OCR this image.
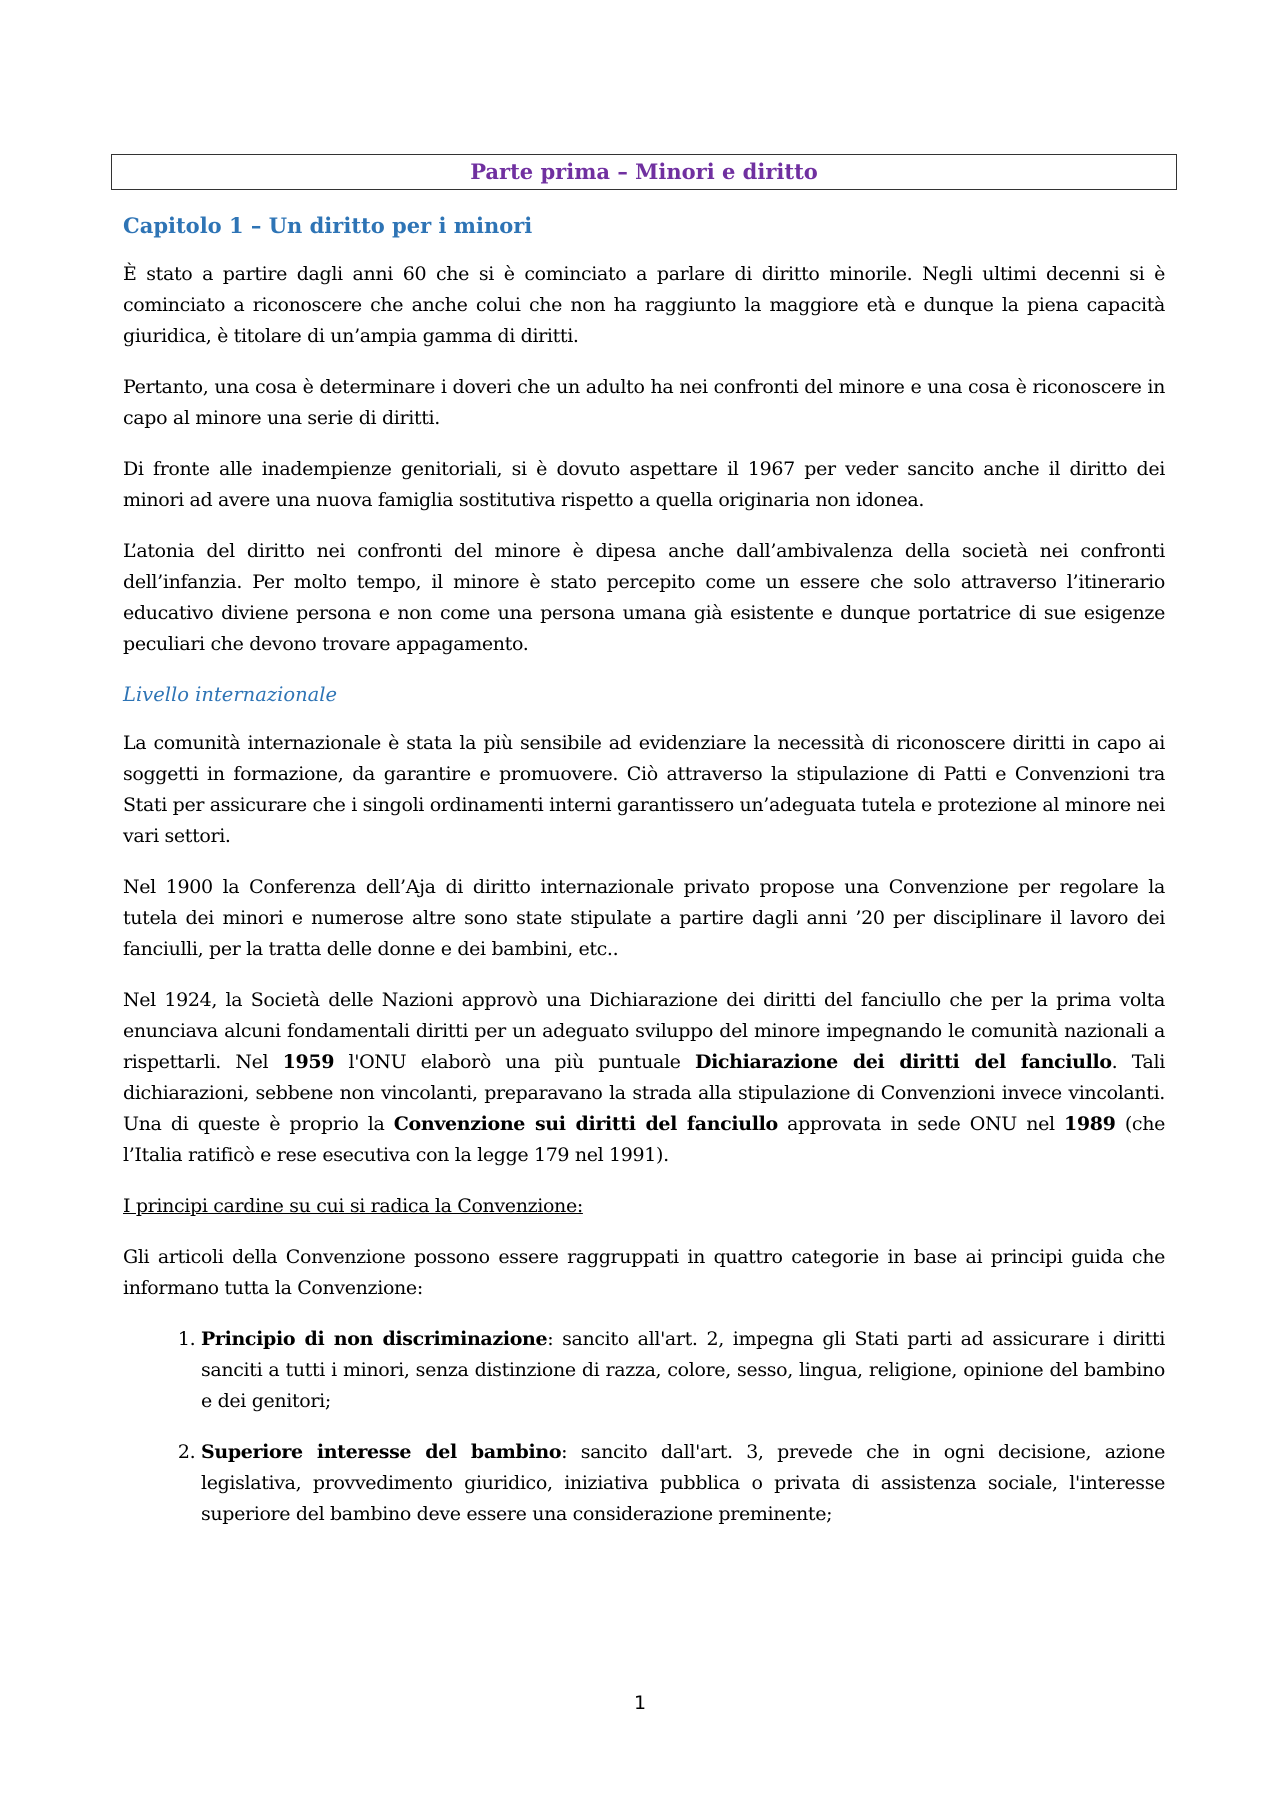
Parte prima – Minori e diritto
Capitolo 1 – Un diritto per i minori

È stato a partire dagli anni 60 che si è cominciato a parlare di diritto minorile. Negli ultimi decenni si è cominciato a riconoscere che anche colui che non ha raggiunto la maggiore età e dunque la piena capacità giuridica, è titolare di un’ampia gamma di diritti.

Pertanto, una cosa è determinare i doveri che un adulto ha nei confronti del minore e una cosa è riconoscere in capo al minore una serie di diritti.

Di fronte alle inadempienze genitoriali, si è dovuto aspettare il 1967 per veder sancito anche il diritto dei minori ad avere una nuova famiglia sostitutiva rispetto a quella originaria non idonea.

L’atonia del diritto nei confronti del minore è dipesa anche dall’ambivalenza della società nei confronti dell’infanzia. Per molto tempo, il minore è stato percepito come un essere che solo attraverso l’itinerario educativo diviene persona e non come una persona umana già esistente e dunque portatrice di sue esigenze peculiari che devono trovare appagamento.

Livello internazionale

La comunità internazionale è stata la più sensibile ad evidenziare la necessità di riconoscere diritti in capo ai soggetti in formazione, da garantire e promuovere. Ciò attraverso la stipulazione di Patti e Convenzioni tra Stati per assicurare che i singoli ordinamenti interni garantissero un’adeguata tutela e protezione al minore nei vari settori.

Nel 1900 la Conferenza dell’Aja di diritto internazionale privato propose una Convenzione per regolare la tutela dei minori e numerose altre sono state stipulate a partire dagli anni ’20 per disciplinare il lavoro dei fanciulli, per la tratta delle donne e dei bambini, etc..

Nel 1924, la Società delle Nazioni approvò una Dichiarazione dei diritti del fanciullo che per la prima volta enunciava alcuni fondamentali diritti per un adeguato sviluppo del minore impegnando le comunità nazionali a rispettarli. Nel 1959 l'ONU elaborò una più puntuale Dichiarazione dei diritti del fanciullo. Tali dichiarazioni, sebbene non vincolanti, preparavano la strada alla stipulazione di Convenzioni invece vincolanti. Una di queste è proprio la Convenzione sui diritti del fanciullo approvata in sede ONU nel 1989 (che l’Italia ratificò e rese esecutiva con la legge 179 nel 1991).

I principi cardine su cui si radica la Convenzione:

Gli articoli della Convenzione possono essere raggruppati in quattro categorie in base ai principi guida che informano tutta la Convenzione:

1. Principio di non discriminazione: sancito all'art. 2, impegna gli Stati parti ad assicurare i diritti sanciti a tutti i minori, senza distinzione di razza, colore, sesso, lingua, religione, opinione del bambino e dei genitori;
2. Superiore interesse del bambino: sancito dall'art. 3, prevede che in ogni decisione, azione legislativa, provvedimento giuridico, iniziativa pubblica o privata di assistenza sociale, l'interesse superiore del bambino deve essere una considerazione preminente;
1
